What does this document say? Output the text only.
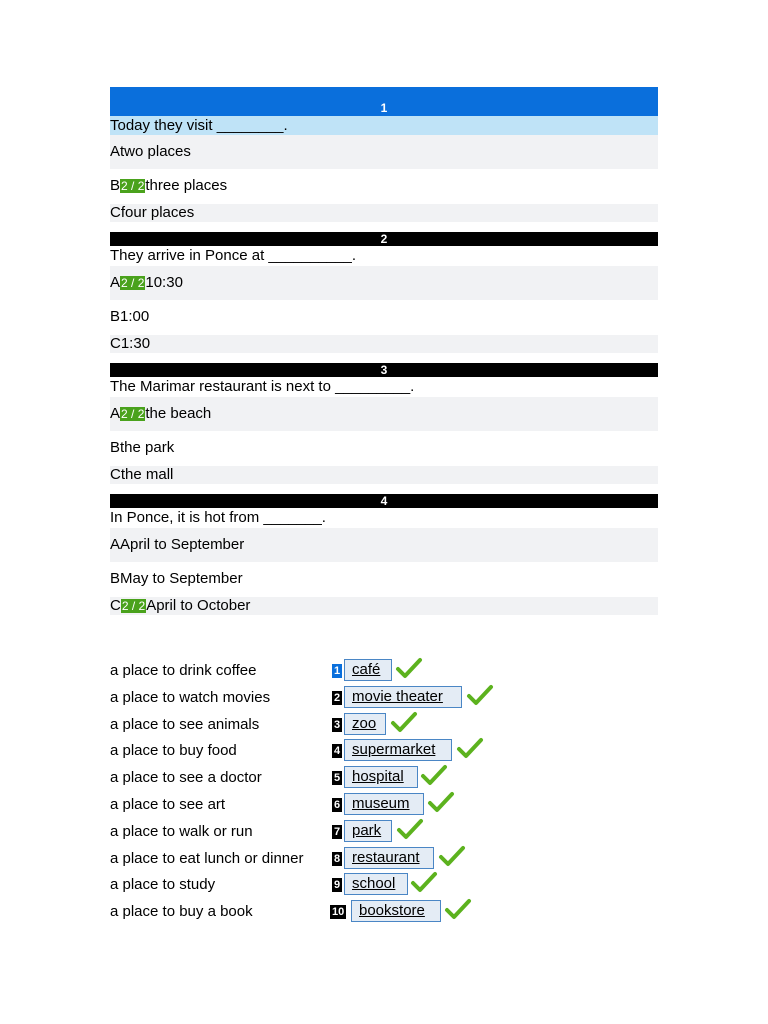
1
Today they visit ________.
A two places
B 2 / 2 three places
C four places
2
They arrive in Ponce at __________.
A 2 / 2 10:30
B 1:00
C 1:30
3
The Marimar restaurant is next to _________.
A 2 / 2 the beach
B the park
C the mall
4
In Ponce, it is hot from _______.
A April to September
B May to September
C 2 / 2 April to October
a place to drink coffee	1 café
a place to watch movies	2 movie theater
a place to see animals	3 zoo
a place to buy food	4 supermarket
a place to see a doctor	5 hospital
a place to see art	6 museum
a place to walk or run	7 park
a place to eat lunch or dinner	8 restaurant
a place to study	9 school
a place to buy a book	10 bookstore
